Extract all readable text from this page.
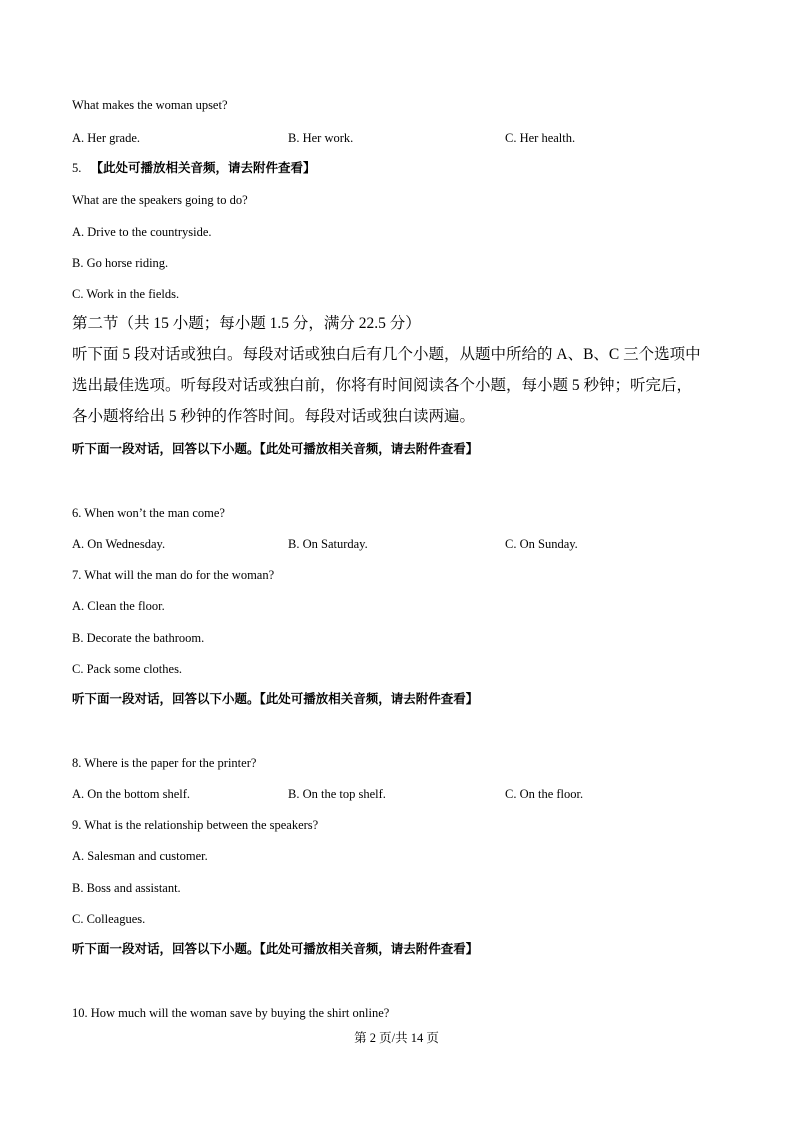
What makes the woman upset?
A. Her grade.	B. Her work.	C. Her health.
5. 【此处可播放相关音频，请去附件查看】
What are the speakers going to do?
A. Drive to the countryside.
B. Go horse riding.
C. Work in the fields.
第二节（共 15 小题；每小题 1.5 分，满分 22.5 分）
听下面 5 段对话或独白。每段对话或独白后有几个小题，从题中所给的 A、B、C 三个选项中
选出最佳选项。听每段对话或独白前，你将有时间阅读各个小题，每小题 5 秒钟；听完后，
各小题将给出 5 秒钟的作答时间。每段对话或独白读两遍。
听下面一段对话，回答以下小题。【此处可播放相关音频，请去附件查看】
6. When won’t the man come?
A. On Wednesday.	B. On Saturday.	C. On Sunday.
7. What will the man do for the woman?
A. Clean the floor.
B. Decorate the bathroom.
C. Pack some clothes.
听下面一段对话，回答以下小题。【此处可播放相关音频，请去附件查看】
8. Where is the paper for the printer?
A. On the bottom shelf.	B. On the top shelf.	C. On the floor.
9. What is the relationship between the speakers?
A. Salesman and customer.
B. Boss and assistant.
C. Colleagues.
听下面一段对话，回答以下小题。【此处可播放相关音频，请去附件查看】
10. How much will the woman save by buying the shirt online?
第 2 页/共 14 页
